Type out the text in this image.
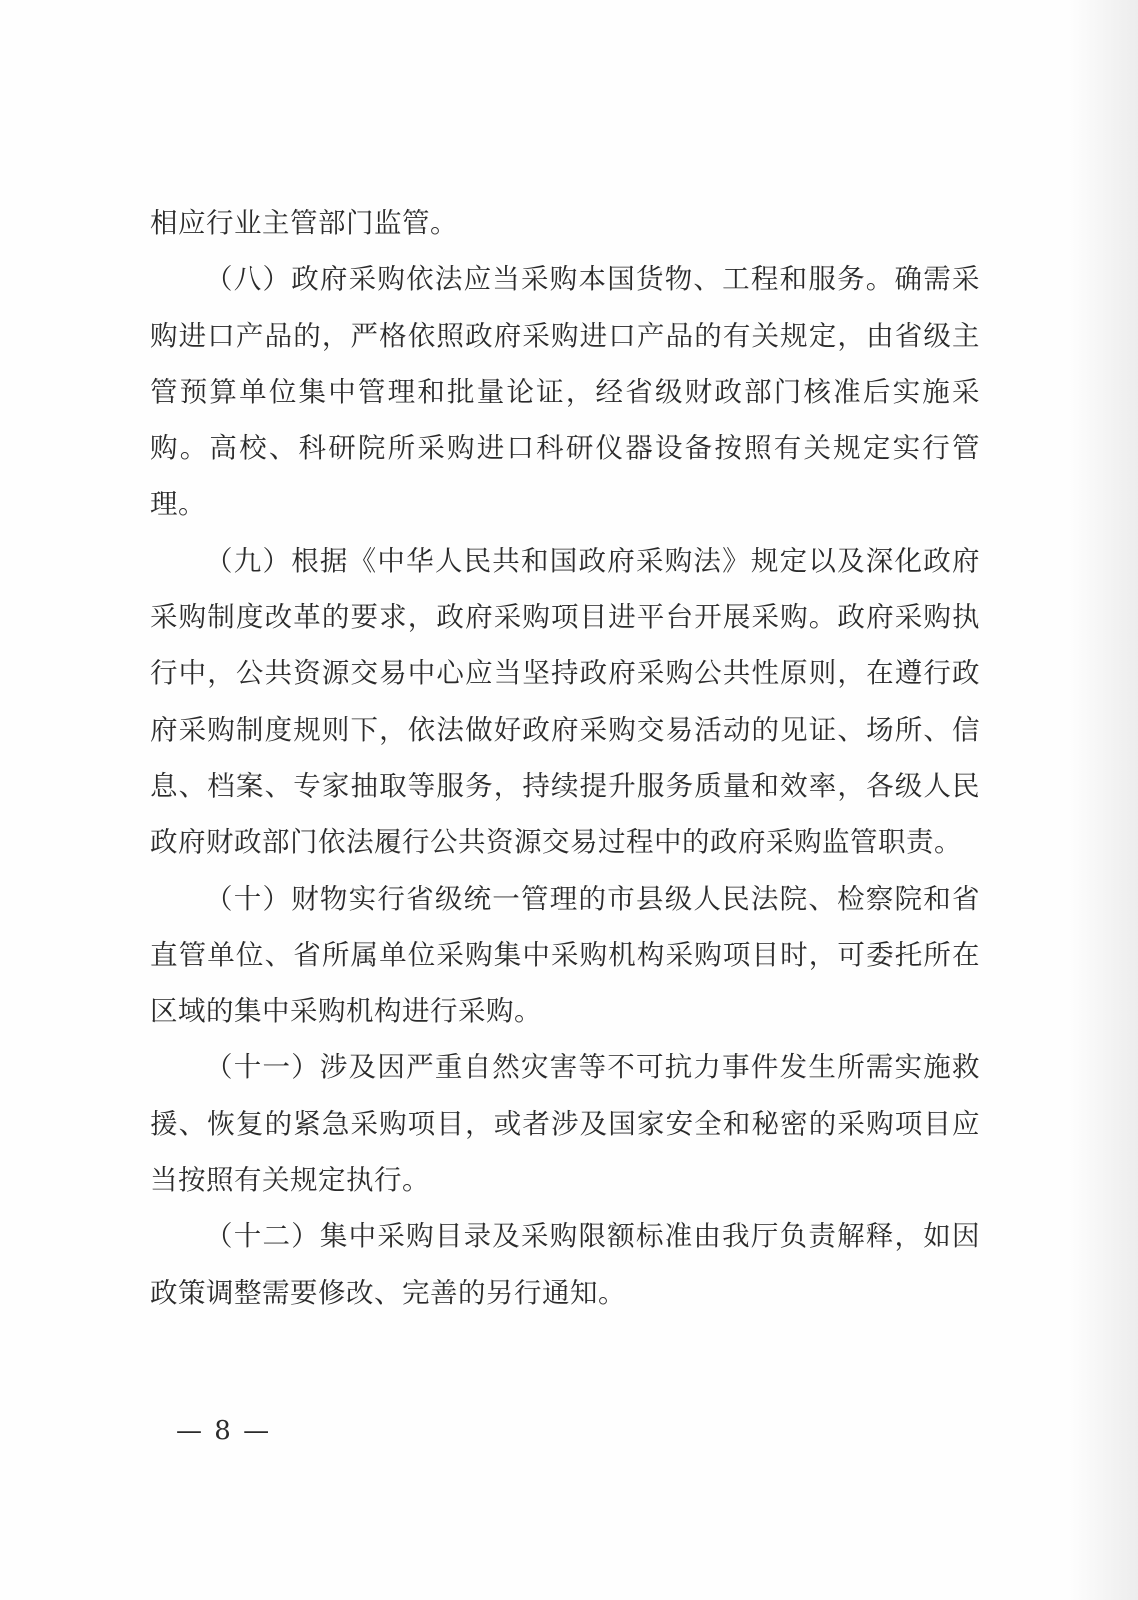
相应行业主管部门监管。

（八）政府采购依法应当采购本国货物、工程和服务。确需采购进口产品的，严格依照政府采购进口产品的有关规定，由省级主管预算单位集中管理和批量论证，经省级财政部门核准后实施采购。高校、科研院所采购进口科研仪器设备按照有关规定实行管理。

（九）根据《中华人民共和国政府采购法》规定以及深化政府采购制度改革的要求，政府采购项目进平台开展采购。政府采购执行中，公共资源交易中心应当坚持政府采购公共性原则，在遵行政府采购制度规则下，依法做好政府采购交易活动的见证、场所、信息、档案、专家抽取等服务，持续提升服务质量和效率，各级人民政府财政部门依法履行公共资源交易过程中的政府采购监管职责。

（十）财物实行省级统一管理的市县级人民法院、检察院和省直管单位、省所属单位采购集中采购机构采购项目时，可委托所在区域的集中采购机构进行采购。

（十一）涉及因严重自然灾害等不可抗力事件发生所需实施救援、恢复的紧急采购项目，或者涉及国家安全和秘密的采购项目应当按照有关规定执行。

（十二）集中采购目录及采购限额标准由我厅负责解释，如因政策调整需要修改、完善的另行通知。

— 8 —
